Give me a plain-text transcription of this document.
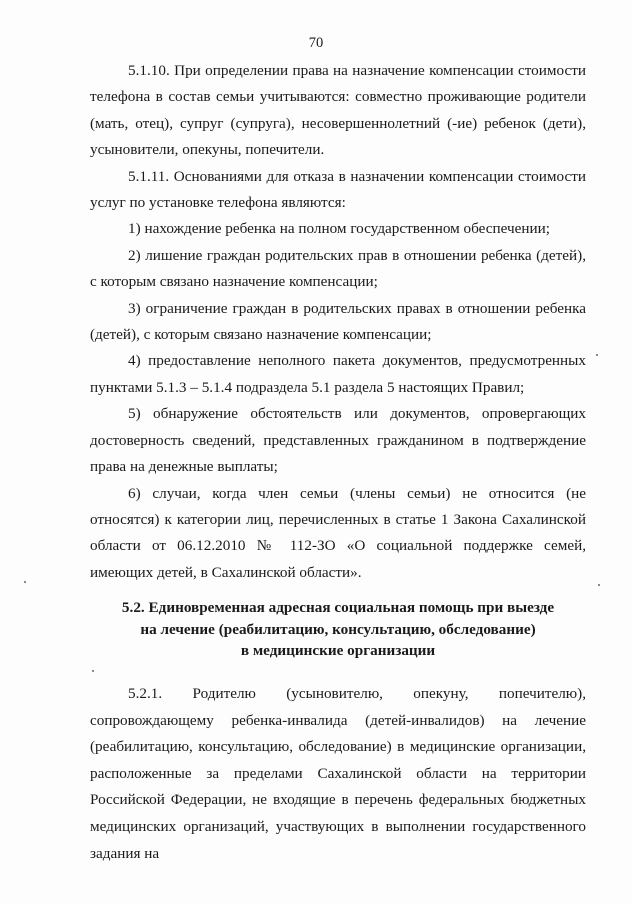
70

5.1.10. При определении права на назначение компенсации стоимости телефона в состав семьи учитываются: совместно проживающие родители (мать, отец), супруг (супруга), несовершеннолетний (-ие) ребенок (дети), усыновители, опекуны, попечители.

5.1.11. Основаниями для отказа в назначении компенсации стоимости услуг по установке телефона являются:

1) нахождение ребенка на полном государственном обеспечении;

2) лишение граждан родительских прав в отношении ребенка (детей), с которым связано назначение компенсации;

3) ограничение граждан в родительских правах в отношении ребенка (детей), с которым связано назначение компенсации;

4) предоставление неполного пакета документов, предусмотренных пунктами 5.1.3 – 5.1.4 подраздела 5.1 раздела 5 настоящих Правил;

5) обнаружение обстоятельств или документов, опровергающих достоверность сведений, представленных гражданином в подтверждение права на денежные выплаты;

6) случаи, когда член семьи (члены семьи) не относится (не относятся) к категории лиц, перечисленных в статье 1 Закона Сахалинской области от 06.12.2010 № 112-ЗО «О социальной поддержке семей, имеющих детей, в Сахалинской области».

5.2. Единовременная адресная социальная помощь при выезде
на лечение (реабилитацию, консультацию, обследование)
в медицинские организации

5.2.1. Родителю (усыновителю, опекуну, попечителю), сопровождающему ребенка-инвалида (детей-инвалидов) на лечение (реабилитацию, консультацию, обследование) в медицинские организации, расположенные за пределами Сахалинской области на территории Российской Федерации, не входящие в перечень федеральных бюджетных медицинских организаций, участвующих в выполнении государственного задания на
